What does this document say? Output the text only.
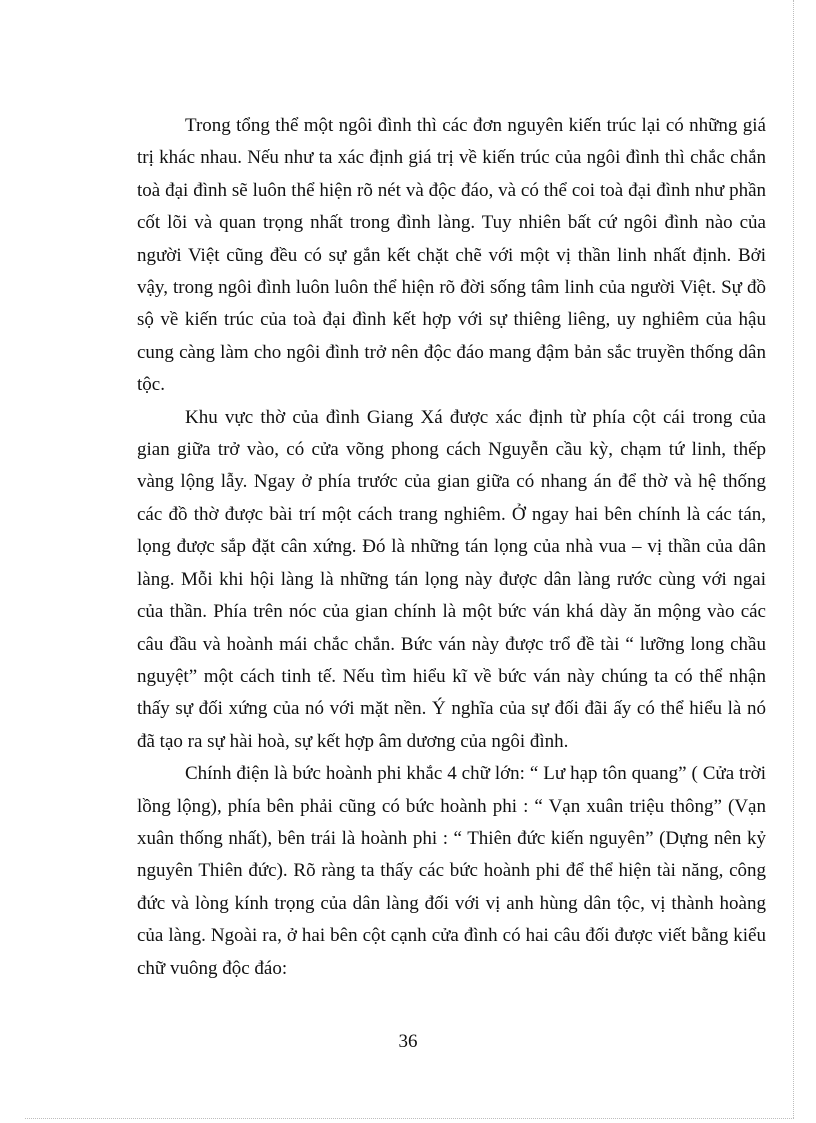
Trong tổng thể một ngôi đình thì các đơn nguyên kiến trúc lại có những giá trị khác nhau. Nếu như ta xác định giá trị về kiến trúc của ngôi đình thì chắc chắn toà đại đình sẽ luôn thể hiện rõ nét và độc đáo, và có thể coi toà đại đình như phần cốt lõi và quan trọng nhất trong đình làng. Tuy nhiên bất cứ ngôi đình nào của người Việt cũng đều có sự gắn kết chặt chẽ với một vị thần linh nhất định. Bởi vậy, trong ngôi đình luôn luôn thể hiện rõ đời sống tâm linh của người Việt. Sự đồ sộ về kiến trúc của toà đại đình kết hợp với sự thiêng liêng, uy nghiêm của hậu cung càng làm cho ngôi đình trở nên độc đáo mang đậm bản sắc truyền thống dân tộc.

Khu vực thờ của đình Giang Xá được xác định từ phía cột cái trong của gian giữa trở vào, có cửa võng phong cách Nguyễn cầu kỳ, chạm tứ linh, thếp vàng lộng lẫy. Ngay ở phía trước của gian giữa có nhang án để thờ và hệ thống các đồ thờ được bài trí một cách trang nghiêm. Ở ngay hai bên chính là các tán, lọng được sắp đặt cân xứng. Đó là những tán lọng của nhà vua – vị thần của dân làng. Mỗi khi hội làng là những tán lọng này được dân làng rước cùng với ngai của thần. Phía trên nóc của gian chính là một bức ván khá dày ăn mộng vào các câu đầu và hoành mái chắc chắn. Bức ván này được trổ đề tài “ lưỡng long chầu nguyệt” một cách tinh tế. Nếu tìm hiểu kĩ về bức ván này chúng ta có thể nhận thấy sự đối xứng của nó với mặt nền. Ý nghĩa của sự đối đãi ấy có thể hiểu là nó đã tạo ra sự hài hoà, sự kết hợp âm dương của ngôi đình.

Chính điện là bức hoành phi khắc 4 chữ lớn: “ Lư hạp tôn quang” ( Cửa trời lồng lộng), phía bên phải cũng có bức hoành phi : “ Vạn xuân triệu thông” (Vạn xuân thống nhất), bên trái là hoành phi : “ Thiên đức kiến nguyên” (Dựng nên kỷ nguyên Thiên đức). Rõ ràng ta thấy các bức hoành phi để thể hiện tài năng, công đức và lòng kính trọng của dân làng đối với vị anh hùng dân tộc, vị thành hoàng của làng. Ngoài ra, ở hai bên cột cạnh cửa đình có hai câu đối được viết bằng kiểu chữ vuông độc đáo:

36
